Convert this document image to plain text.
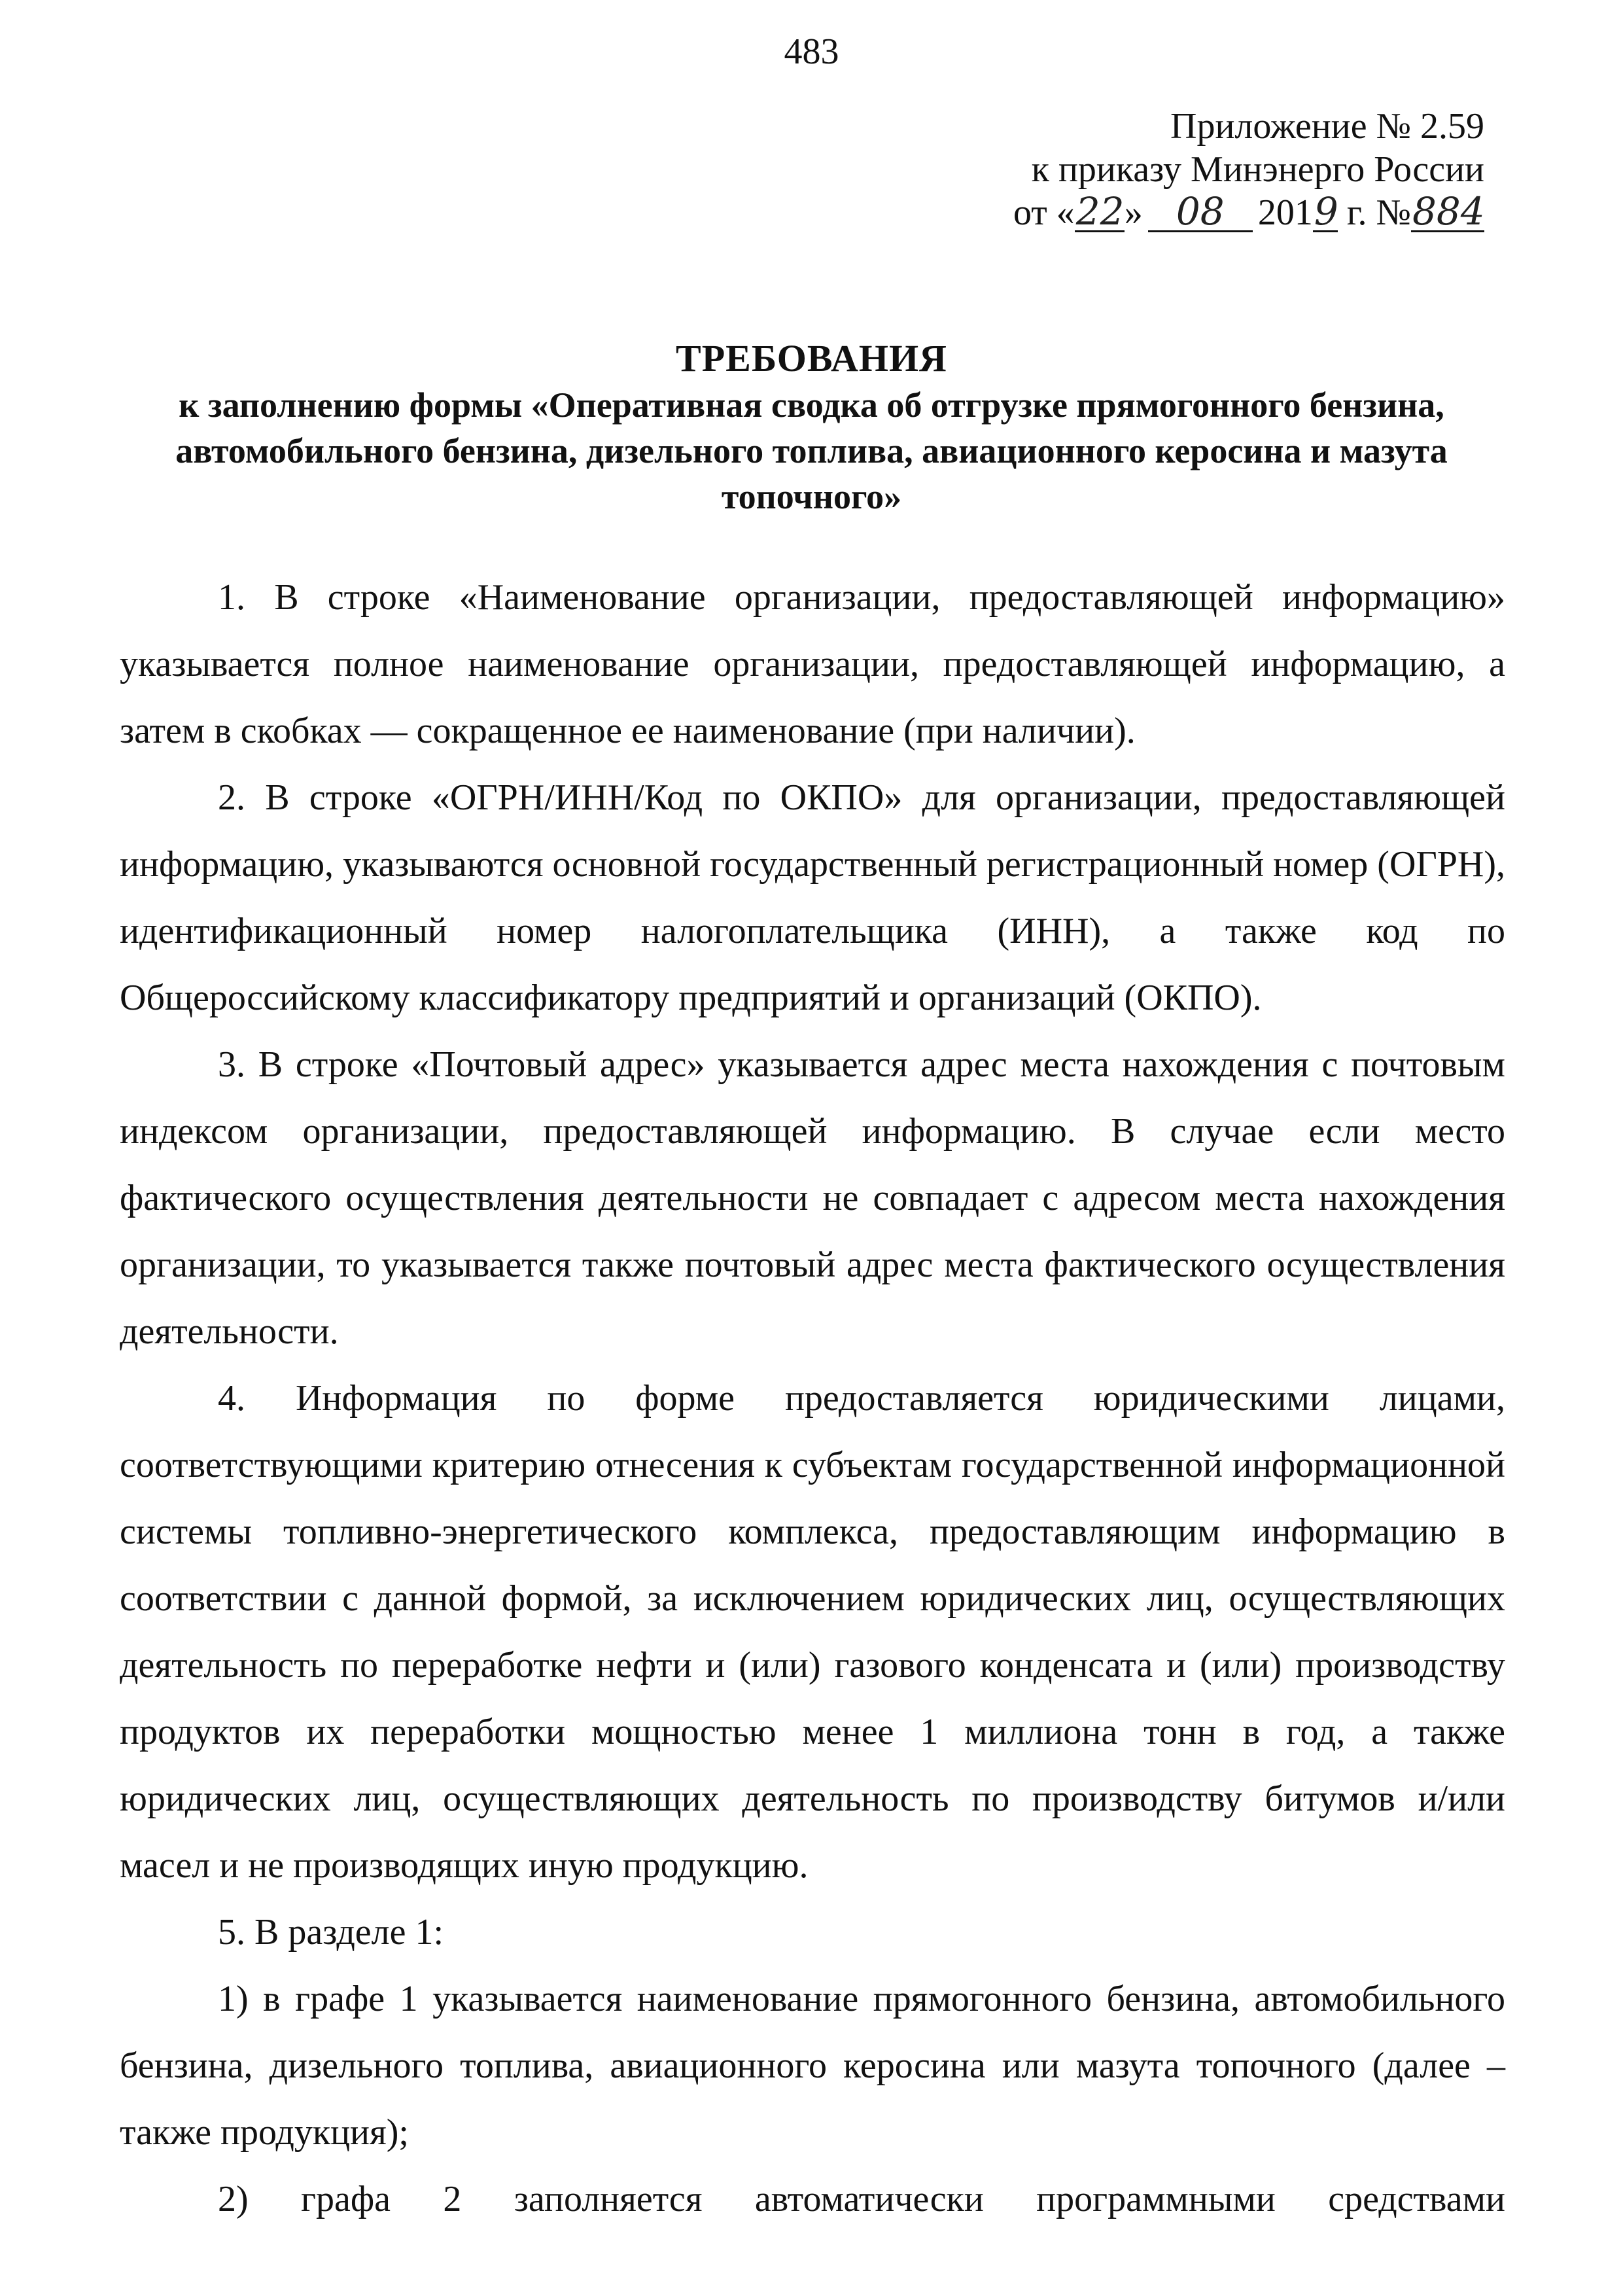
483
Приложение № 2.59
к приказу Минэнерго России
от « 22 » 08 201 9 г. № 884
ТРЕБОВАНИЯ
к заполнению формы «Оперативная сводка об отгрузке прямогонного бензина, автомобильного бензина, дизельного топлива, авиационного керосина и мазута топочного»

1. В строке «Наименование организации, предоставляющей информацию» указывается полное наименование организации, предоставляющей информацию, а затем в скобках — сокращенное ее наименование (при наличии).

2. В строке «ОГРН/ИНН/Код по ОКПО» для организации, предоставляющей информацию, указываются основной государственный регистрационный номер (ОГРН), идентификационный номер налогоплательщика (ИНН), а также код по Общероссийскому классификатору предприятий и организаций (ОКПО).

3. В строке «Почтовый адрес» указывается адрес места нахождения с почтовым индексом организации, предоставляющей информацию. В случае если место фактического осуществления деятельности не совпадает с адресом места нахождения организации, то указывается также почтовый адрес места фактического осуществления деятельности.

4. Информация по форме предоставляется юридическими лицами, соответствующими критерию отнесения к субъектам государственной информационной системы топливно-энергетического комплекса, предоставляющим информацию в соответствии с данной формой, за исключением юридических лиц, осуществляющих деятельность по переработке нефти и (или) газового конденсата и (или) производству продуктов их переработки мощностью менее 1 миллиона тонн в год, а также юридических лиц, осуществляющих деятельность по производству битумов и/или масел и не производящих иную продукцию.

5. В разделе 1:

1) в графе 1 указывается наименование прямогонного бензина, автомобильного бензина, дизельного топлива, авиационного керосина или мазута топочного (далее – также продукция);

2) графа 2 заполняется автоматически программными средствами
